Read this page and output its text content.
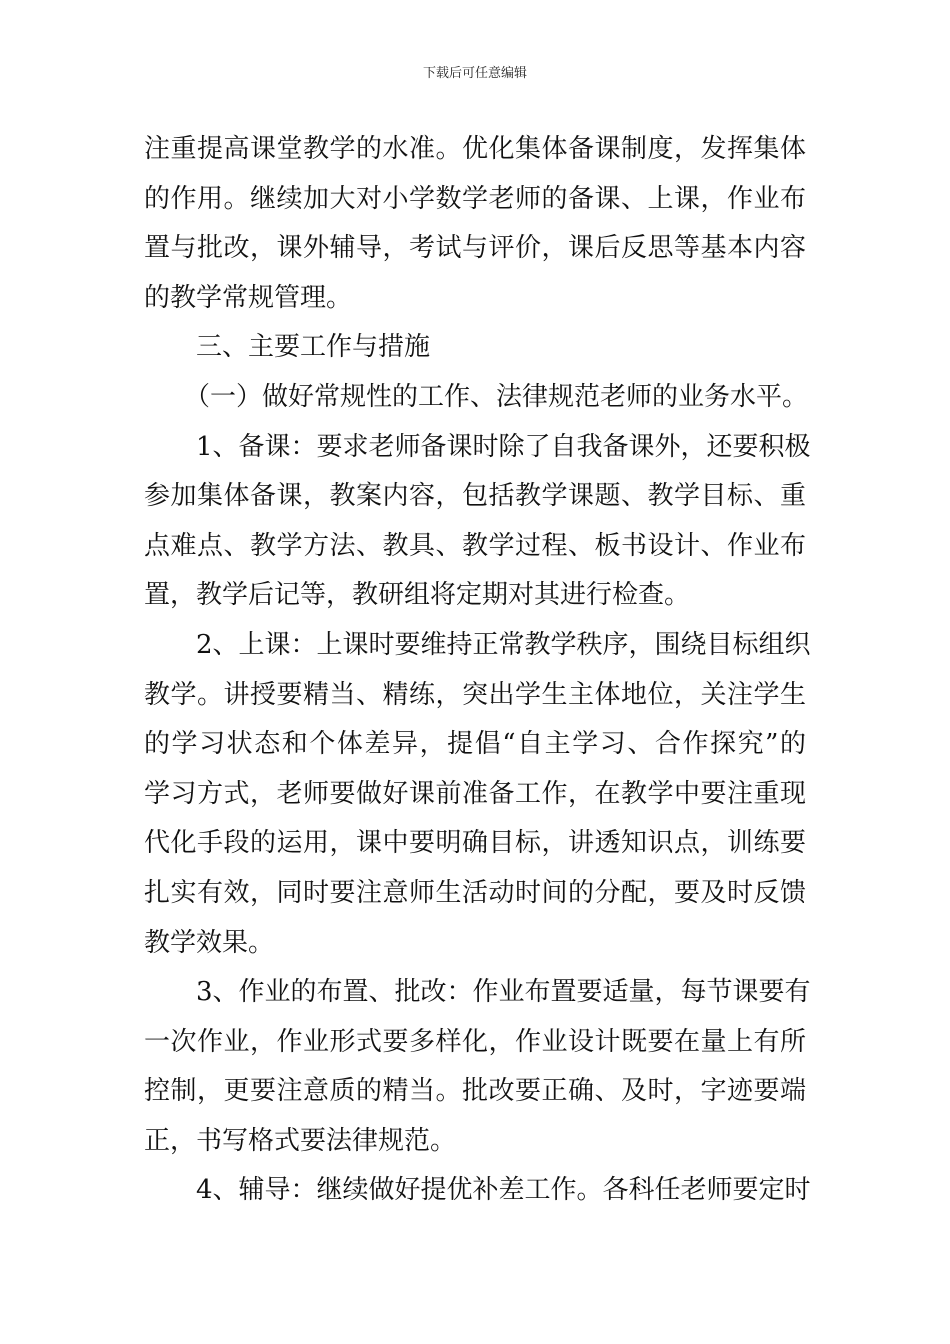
下载后可任意编辑
注重提高课堂教学的水准。优化集体备课制度，发挥集体
的作用。继续加大对小学数学老师的备课、上课，作业布
置与批改，课外辅导，考试与评价，课后反思等基本内容
的教学常规管理。
三、主要工作与措施
（一）做好常规性的工作、法律规范老师的业务水平。
1、备课：要求老师备课时除了自我备课外，还要积极
参加集体备课，教案内容，包括教学课题、教学目标、重
点难点、教学方法、教具、教学过程、板书设计、作业布
置，教学后记等，教研组将定期对其进行检查。
2、上课：上课时要维持正常教学秩序，围绕目标组织
教学。讲授要精当、精练，突出学生主体地位，关注学生
的学习状态和个体差异，提倡“自主学习、合作探究”的
学习方式，老师要做好课前准备工作，在教学中要注重现
代化手段的运用，课中要明确目标，讲透知识点，训练要
扎实有效，同时要注意师生活动时间的分配，要及时反馈
教学效果。
3、作业的布置、批改：作业布置要适量，每节课要有
一次作业，作业形式要多样化，作业设计既要在量上有所
控制，更要注意质的精当。批改要正确、及时，字迹要端
正，书写格式要法律规范。
4、辅导：继续做好提优补差工作。各科任老师要定时
